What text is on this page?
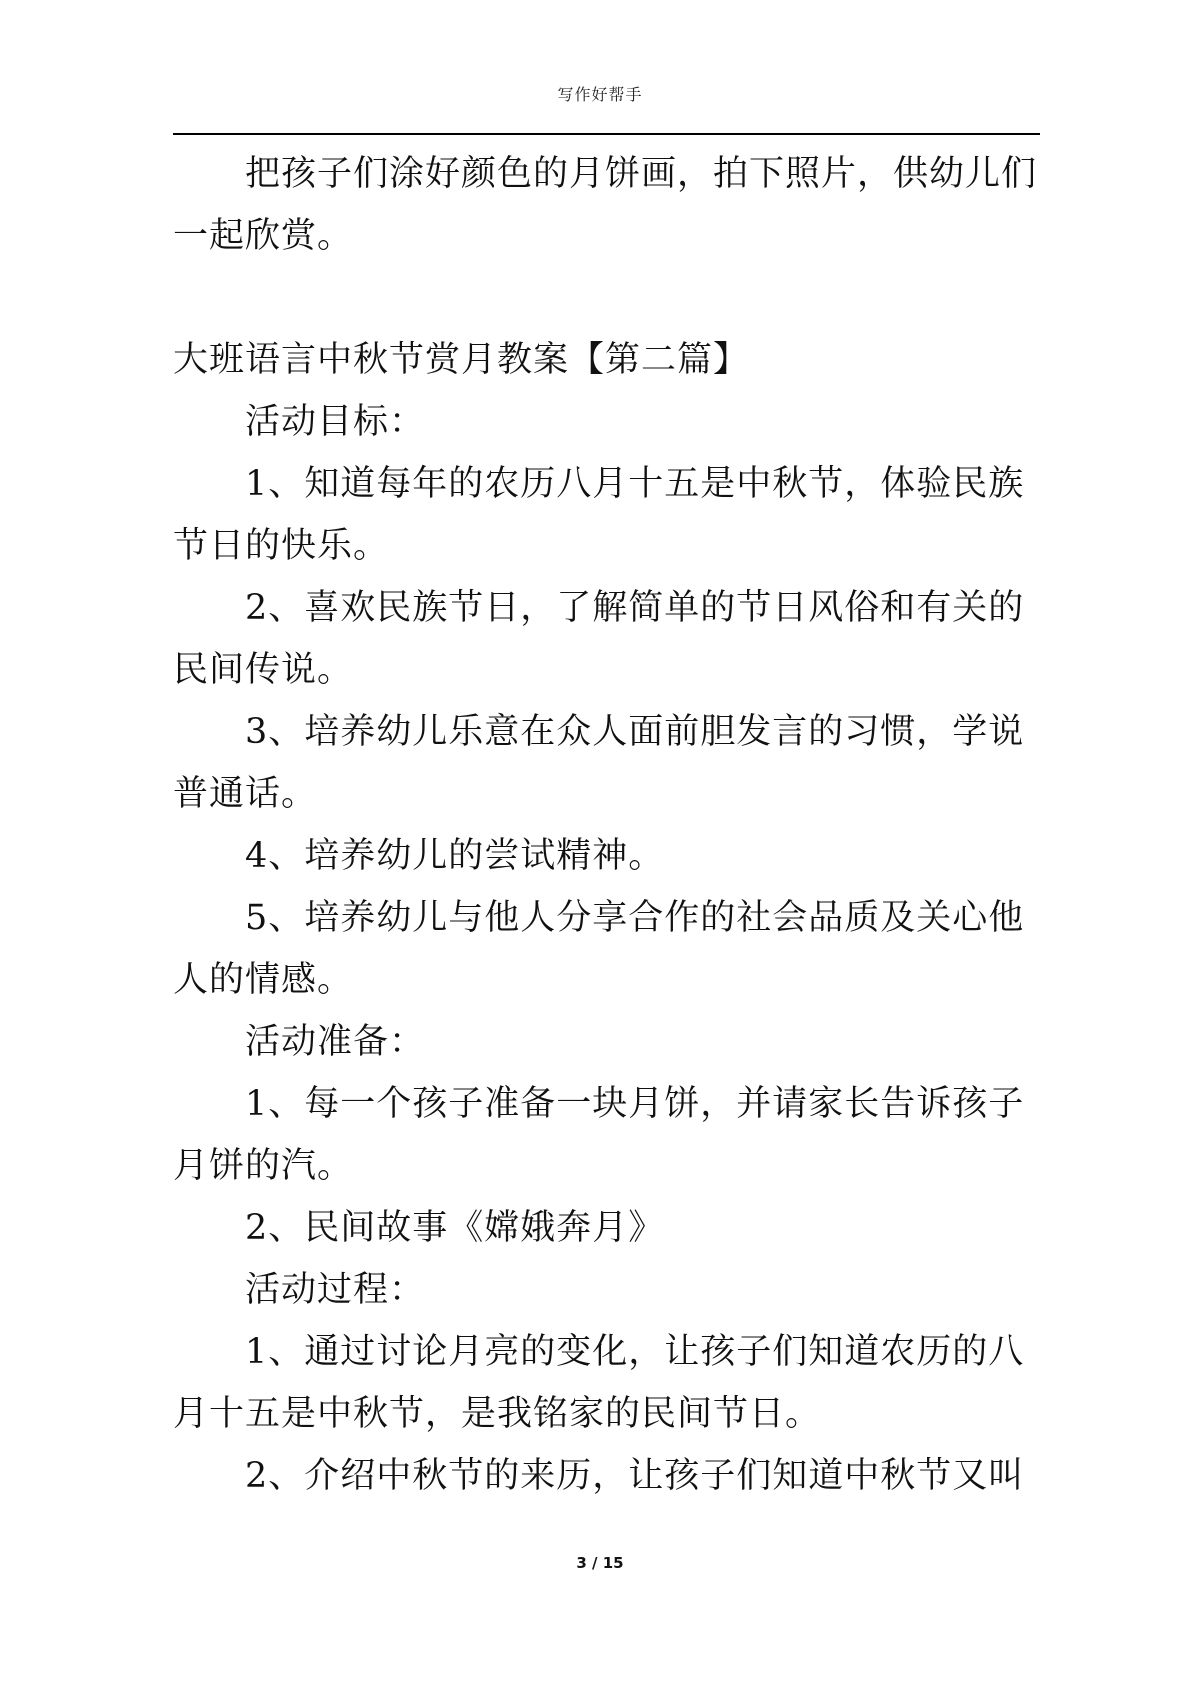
写作好帮手

把孩子们涂好颜色的月饼画，拍下照片，供幼儿们一起欣赏。

大班语言中秋节赏月教案【第二篇】

活动目标：

1、知道每年的农历八月十五是中秋节，体验民族节日的快乐。

2、喜欢民族节日，了解简单的节日风俗和有关的民间传说。

3、培养幼儿乐意在众人面前胆发言的习惯，学说普通话。

4、培养幼儿的尝试精神。

5、培养幼儿与他人分享合作的社会品质及关心他人的情感。

活动准备：

1、每一个孩子准备一块月饼，并请家长告诉孩子月饼的汽。

2、民间故事《嫦娥奔月》

活动过程：

1、通过讨论月亮的变化，让孩子们知道农历的八月十五是中秋节，是我铭家的民间节日。

2、介绍中秋节的来历，让孩子们知道中秋节又叫

3 / 15
